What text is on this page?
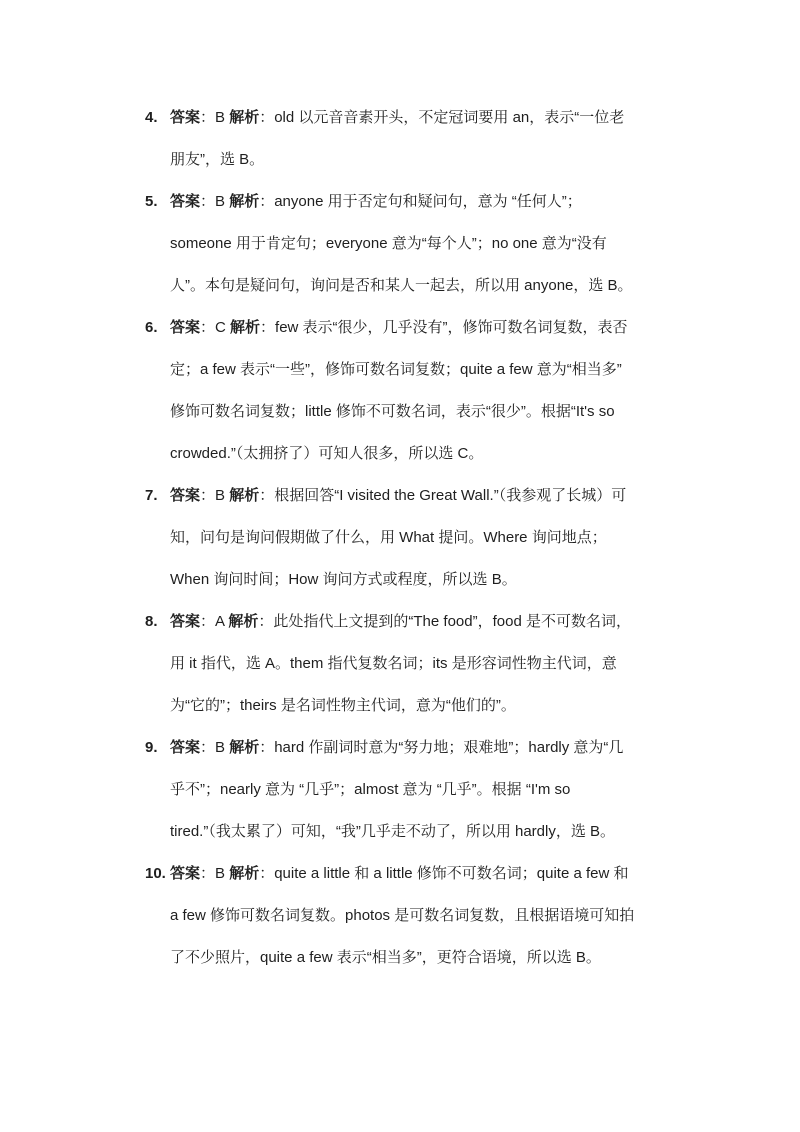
4. 答案：B 解析：old 以元音音素开头，不定冠词要用 an，表示“一位老
朋友”，选 B。
5. 答案：B 解析：anyone 用于否定句和疑问句，意为 “任何人”；
someone 用于肯定句；everyone 意为“每个人”；no one 意为“没有
人”。本句是疑问句，询问是否和某人一起去，所以用 anyone，选 B。
6. 答案：C 解析：few 表示“很少，几乎没有”，修饰可数名词复数，表否
定；a few 表示“一些”，修饰可数名词复数；quite a few 意为“相当多”
修饰可数名词复数；little 修饰不可数名词，表示“很少”。根据“It's so
crowded.”（太拥挤了）可知人很多，所以选 C。
7. 答案：B 解析：根据回答“I visited the Great Wall.”（我参观了长城）可
知，问句是询问假期做了什么，用 What 提问。Where 询问地点；
When 询问时间；How 询问方式或程度，所以选 B。
8. 答案：A 解析：此处指代上文提到的“The food”，food 是不可数名词，
用 it 指代，选 A。them 指代复数名词；its 是形容词性物主代词，意
为“它的”；theirs 是名词性物主代词，意为“他们的”。
9. 答案：B 解析：hard 作副词时意为“努力地；艰难地”；hardly 意为“几
乎不”；nearly 意为 “几乎”；almost 意为 “几乎”。根据 “I'm so
tired.”（我太累了）可知，“我”几乎走不动了，所以用 hardly，选 B。
10. 答案：B 解析：quite a little 和 a little 修饰不可数名词；quite a few 和
a few 修饰可数名词复数。photos 是可数名词复数，且根据语境可知拍
了不少照片，quite a few 表示“相当多”，更符合语境，所以选 B。
